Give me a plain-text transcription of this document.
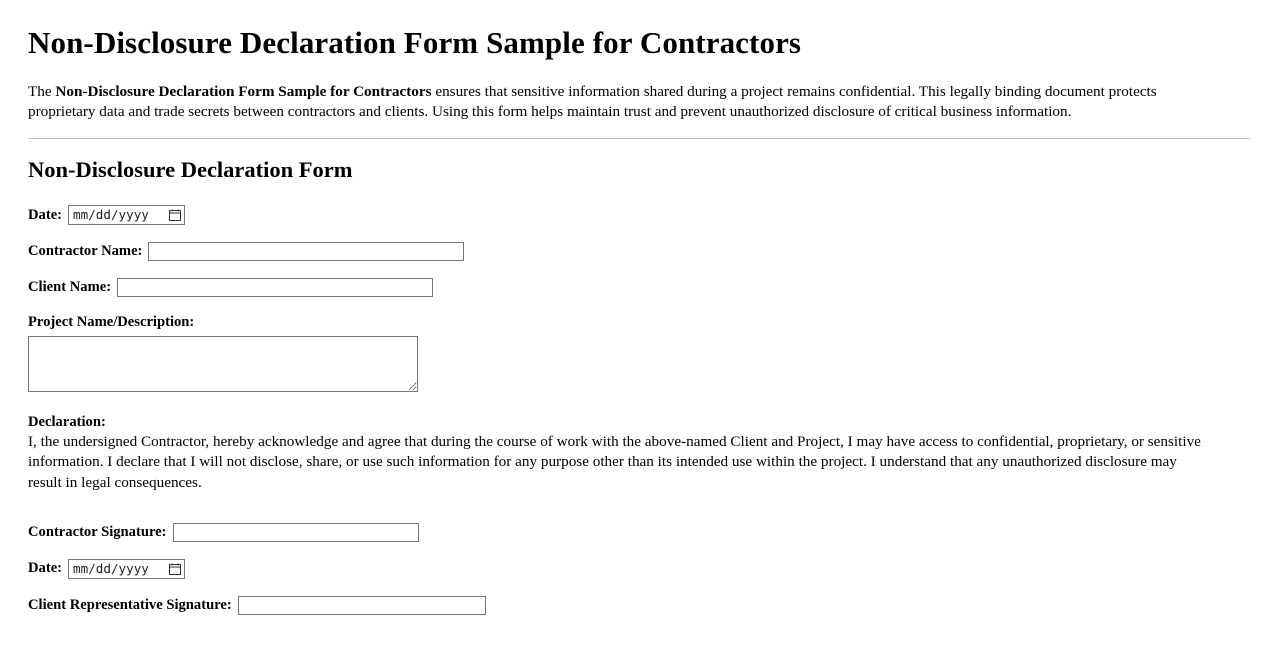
Non-Disclosure Declaration Form Sample for Contractors

The Non-Disclosure Declaration Form Sample for Contractors ensures that sensitive information shared during a project remains confidential. This legally binding document protects proprietary data and trade secrets between contractors and clients. Using this form helps maintain trust and prevent unauthorized disclosure of critical business information.

Non-Disclosure Declaration Form
Date: mm/dd/yyyy
Contractor Name:
Client Name:
Project Name/Description:
Declaration:

I, the undersigned Contractor, hereby acknowledge and agree that during the course of work with the above-named Client and Project, I may have access to confidential, proprietary, or sensitive information. I declare that I will not disclose, share, or use such information for any purpose other than its intended use within the project. I understand that any unauthorized disclosure may result in legal consequences.

Contractor Signature:
Date: mm/dd/yyyy
Client Representative Signature:
